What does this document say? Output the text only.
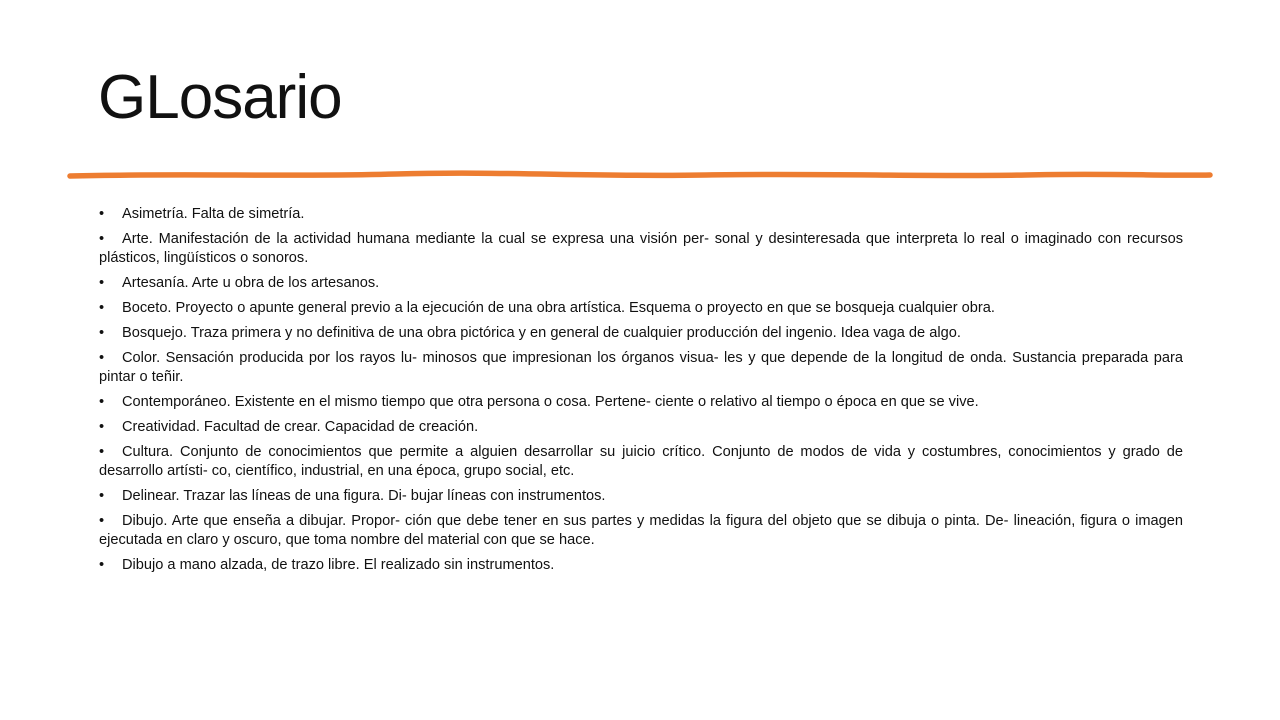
GLosario

• Asimetría. Falta de simetría.

• Arte. Manifestación de la actividad humana mediante la cual se expresa una visión per- sonal y desinteresada que interpreta lo real o imaginado con recursos plásticos, lingüísticos o sonoros.

• Artesanía. Arte u obra de los artesanos.

• Boceto. Proyecto o apunte general previo a la ejecución de una obra artística. Esquema o proyecto en que se bosqueja cualquier obra.

• Bosquejo. Traza primera y no definitiva de una obra pictórica y en general de cualquier producción del ingenio. Idea vaga de algo.

• Color. Sensación producida por los rayos lu- minosos que impresionan los órganos visua- les y que depende de la longitud de onda. Sustancia preparada para pintar o teñir.

• Contemporáneo. Existente en el mismo tiempo que otra persona o cosa. Pertene- ciente o relativo al tiempo o época en que se vive.

• Creatividad. Facultad de crear. Capacidad de creación.

• Cultura. Conjunto de conocimientos que permite a alguien desarrollar su juicio crítico. Conjunto de modos de vida y costumbres, conocimientos y grado de desarrollo artísti- co, científico, industrial, en una época, grupo social, etc.

• Delinear. Trazar las líneas de una figura. Di- bujar líneas con instrumentos.

• Dibujo. Arte que enseña a dibujar. Propor- ción que debe tener en sus partes y medidas la figura del objeto que se dibuja o pinta. De- lineación, figura o imagen ejecutada en claro y oscuro, que toma nombre del material con que se hace.

• Dibujo a mano alzada, de trazo libre. El realizado sin instrumentos.
